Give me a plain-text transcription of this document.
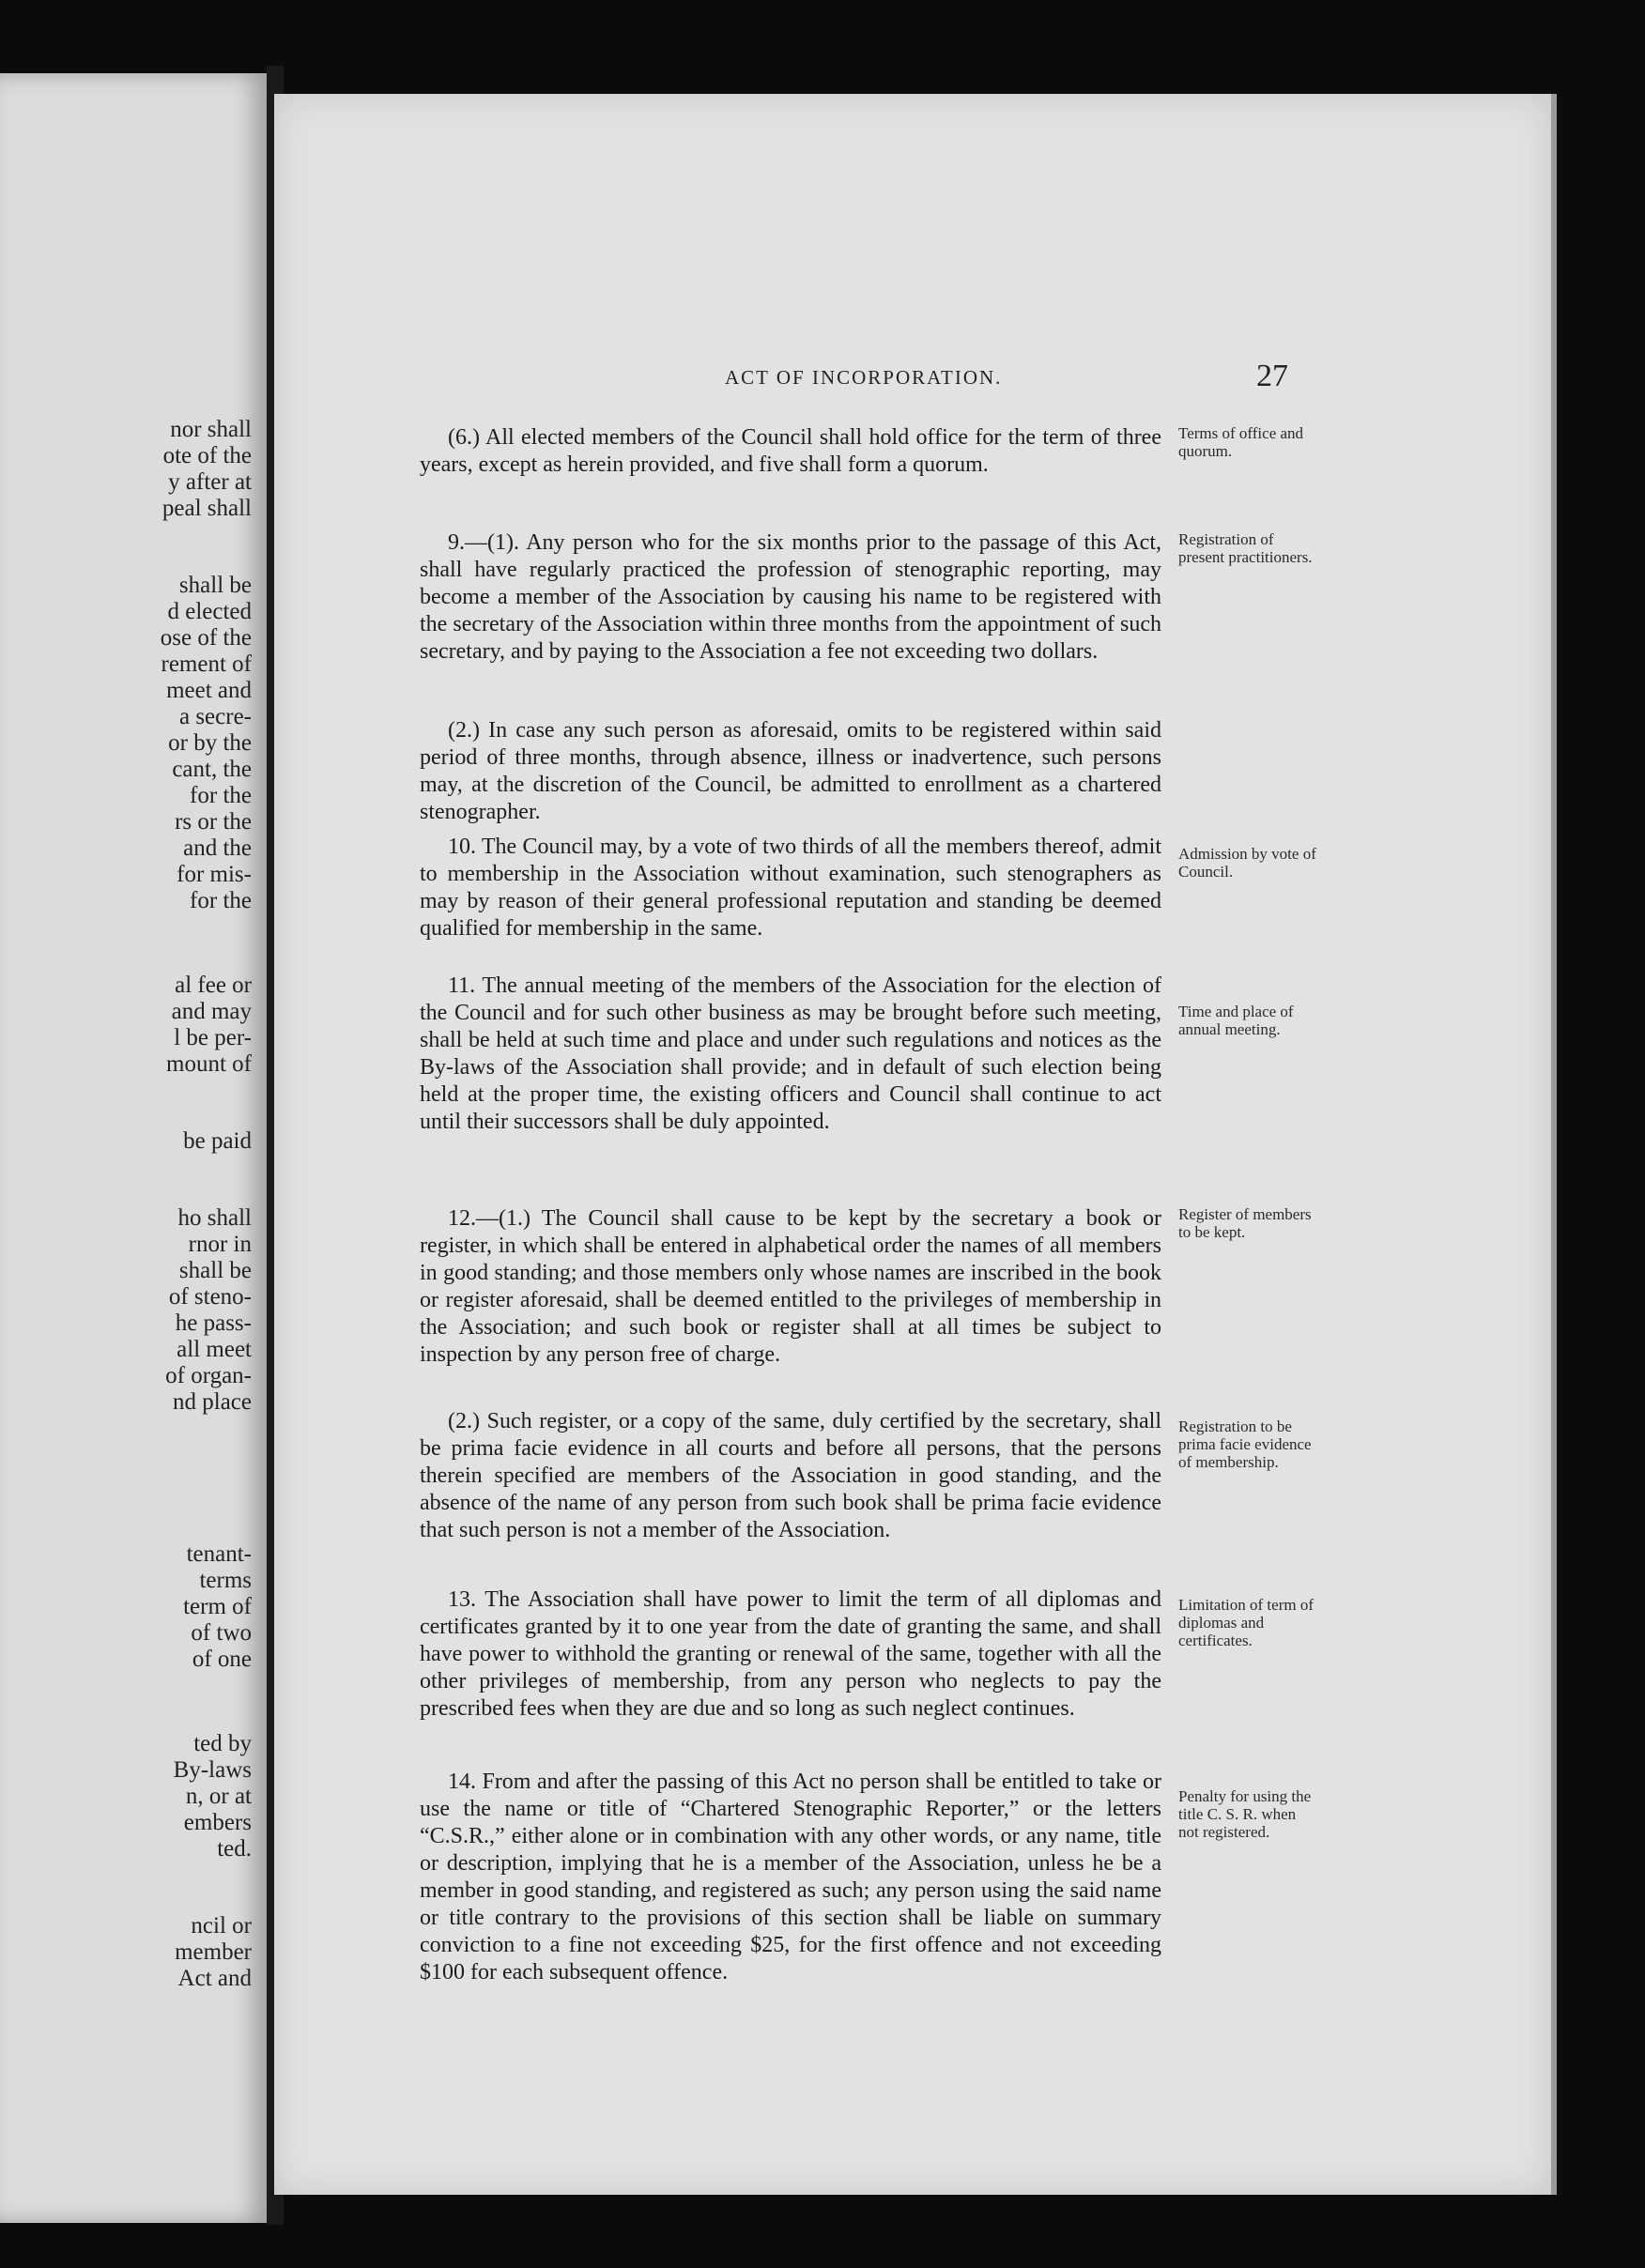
nor shall
ote of the
y after at
peal shall
shall be
d elected
ose of the
rement of
meet and
a secre-
or by the
cant, the
for the
rs or the
and the
for mis-
for the
al fee or
and may
l be per-
mount of
be paid
ho shall
rnor in
shall be
of steno-
he pass-
all meet
of organ-
nd place
tenant-
terms
term of
of two
of one
ted by
By-laws
n, or at
embers
ted.
ncil or
member
Act and
ACT OF INCORPORATION.	27

(6.) All elected members of the Council shall hold office for the term of three years, except as herein provided, and five shall form a quorum.

9.—(1). Any person who for the six months prior to the passage of this Act, shall have regularly practiced the profession of stenographic reporting, may become a member of the Association by causing his name to be registered with the secretary of the Association within three months from the appointment of such secretary, and by paying to the Association a fee not exceeding two dollars.

(2.) In case any such person as aforesaid, omits to be registered within said period of three months, through absence, illness or inadvertence, such persons may, at the discretion of the Council, be admitted to enrollment as a chartered stenographer.

10. The Council may, by a vote of two thirds of all the members thereof, admit to membership in the Association without examination, such stenographers as may by reason of their general professional reputation and standing be deemed qualified for membership in the same.

11. The annual meeting of the members of the Association for the election of the Council and for such other business as may be brought before such meeting, shall be held at such time and place and under such regulations and notices as the By-laws of the Association shall provide; and in default of such election being held at the proper time, the existing officers and Council shall continue to act until their successors shall be duly appointed.

12.—(1.) The Council shall cause to be kept by the secretary a book or register, in which shall be entered in alphabetical order the names of all members in good standing; and those members only whose names are inscribed in the book or register aforesaid, shall be deemed entitled to the privileges of membership in the Association; and such book or register shall at all times be subject to inspection by any person free of charge.

(2.) Such register, or a copy of the same, duly certified by the secretary, shall be prima facie evidence in all courts and before all persons, that the persons therein specified are members of the Association in good standing, and the absence of the name of any person from such book shall be prima facie evidence that such person is not a member of the Association.

13. The Association shall have power to limit the term of all diplomas and certificates granted by it to one year from the date of granting the same, and shall have power to withhold the granting or renewal of the same, together with all the other privileges of membership, from any person who neglects to pay the prescribed fees when they are due and so long as such neglect continues.

14. From and after the passing of this Act no person shall be entitled to take or use the name or title of “Chartered Stenographic Reporter,” or the letters “C.S.R.,” either alone or in combination with any other words, or any name, title or description, implying that he is a member of the Association, unless he be a member in good standing, and registered as such; any person using the said name or title contrary to the provisions of this section shall be liable on summary conviction to a fine not exceeding $25, for the first offence and not exceeding $100 for each subsequent offence.

Terms of office and quorum.
Registration of present practitioners.
Admission by vote of Council.
Time and place of annual meeting.
Register of members to be kept.
Registration to be prima facie evidence of membership.
Limitation of term of diplomas and certificates.
Penalty for using the title C. S. R. when not registered.
